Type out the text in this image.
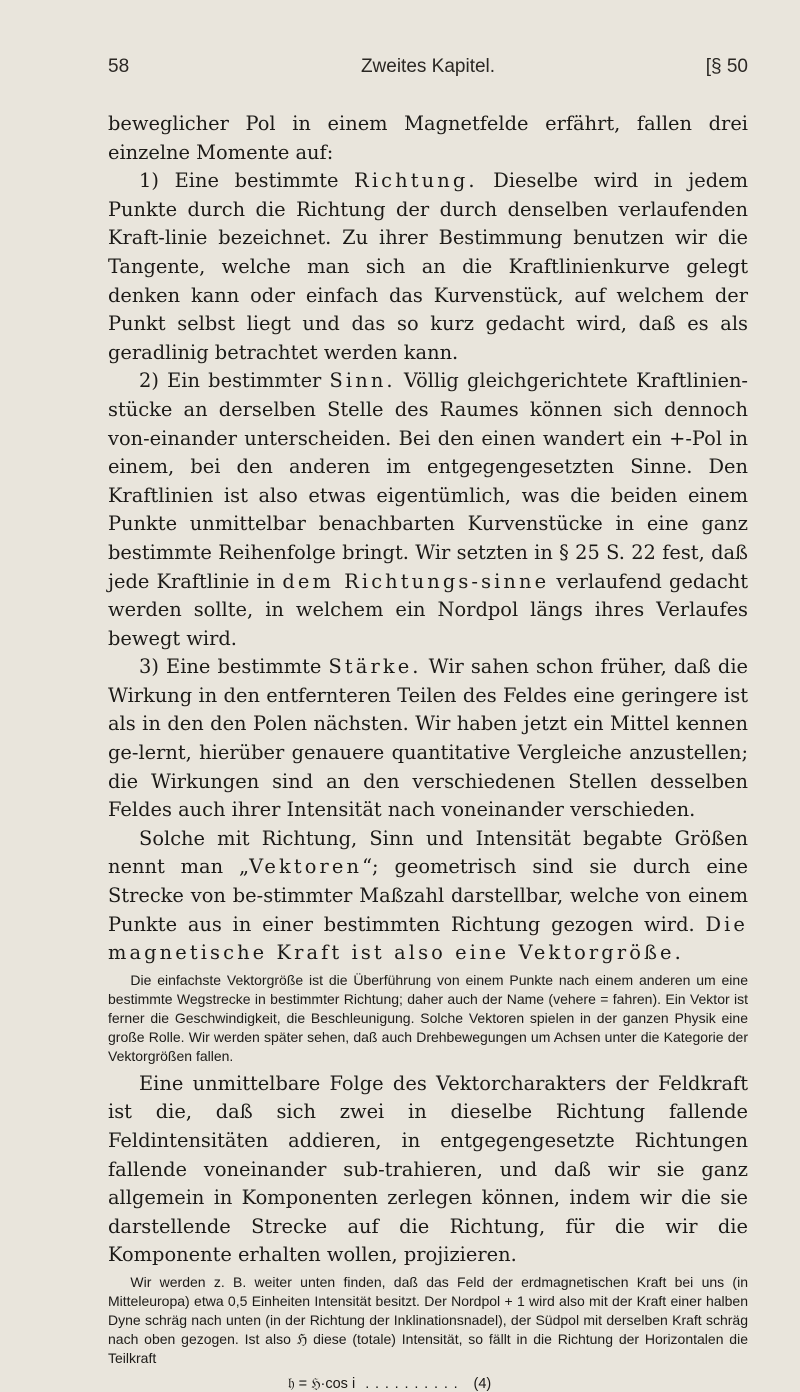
58	Zweites Kapitel.	[§ 50

beweglicher Pol in einem Magnetfelde erfährt, fallen drei einzelne Momente auf:

1) Eine bestimmte Richtung. Dieselbe wird in jedem Punkte durch die Richtung der durch denselben verlaufenden Kraft-linie bezeichnet. Zu ihrer Bestimmung benutzen wir die Tangente, welche man sich an die Kraftlinienkurve gelegt denken kann oder einfach das Kurvenstück, auf welchem der Punkt selbst liegt und das so kurz gedacht wird, daß es als geradlinig betrachtet werden kann.

2) Ein bestimmter Sinn. Völlig gleichgerichtete Kraftlinien-stücke an derselben Stelle des Raumes können sich dennoch von-einander unterscheiden. Bei den einen wandert ein +-Pol in einem, bei den anderen im entgegengesetzten Sinne. Den Kraftlinien ist also etwas eigentümlich, was die beiden einem Punkte unmittelbar benachbarten Kurvenstücke in eine ganz bestimmte Reihenfolge bringt. Wir setzten in § 25 S. 22 fest, daß jede Kraftlinie in dem Richtungs-sinne verlaufend gedacht werden sollte, in welchem ein Nordpol längs ihres Verlaufes bewegt wird.

3) Eine bestimmte Stärke. Wir sahen schon früher, daß die Wirkung in den entfernteren Teilen des Feldes eine geringere ist als in den den Polen nächsten. Wir haben jetzt ein Mittel kennen ge-lernt, hierüber genauere quantitative Vergleiche anzustellen; die Wirkungen sind an den verschiedenen Stellen desselben Feldes auch ihrer Intensität nach voneinander verschieden.

Solche mit Richtung, Sinn und Intensität begabte Größen nennt man „Vektoren“; geometrisch sind sie durch eine Strecke von be-stimmter Maßzahl darstellbar, welche von einem Punkte aus in einer bestimmten Richtung gezogen wird. Die magnetische Kraft ist also eine Vektorgröße.

Die einfachste Vektorgröße ist die Überführung von einem Punkte nach einem anderen um eine bestimmte Wegstrecke in bestimmter Richtung; daher auch der Name (vehere = fahren). Ein Vektor ist ferner die Geschwindigkeit, die Beschleunigung. Solche Vektoren spielen in der ganzen Physik eine große Rolle. Wir werden später sehen, daß auch Drehbewegungen um Achsen unter die Kategorie der Vektorgrößen fallen.

Eine unmittelbare Folge des Vektorcharakters der Feldkraft ist die, daß sich zwei in dieselbe Richtung fallende Feldintensitäten addieren, in entgegengesetzte Richtungen fallende voneinander sub-trahieren, und daß wir sie ganz allgemein in Komponenten zerlegen können, indem wir die sie darstellende Strecke auf die Richtung, für die wir die Komponente erhalten wollen, projizieren.

Wir werden z. B. weiter unten finden, daß das Feld der erdmagnetischen Kraft bei uns (in Mitteleuropa) etwa 0,5 Einheiten Intensität besitzt. Der Nordpol + 1 wird also mit der Kraft einer halben Dyne schräg nach unten (in der Richtung der Inklinationsnadel), der Südpol mit derselben Kraft schräg nach oben gezogen. Ist also ℌ diese (totale) Intensität, so fällt in die Richtung der Horizontalen die Teilkraft

𝔥 = ℌ·cos i .......... (4)
